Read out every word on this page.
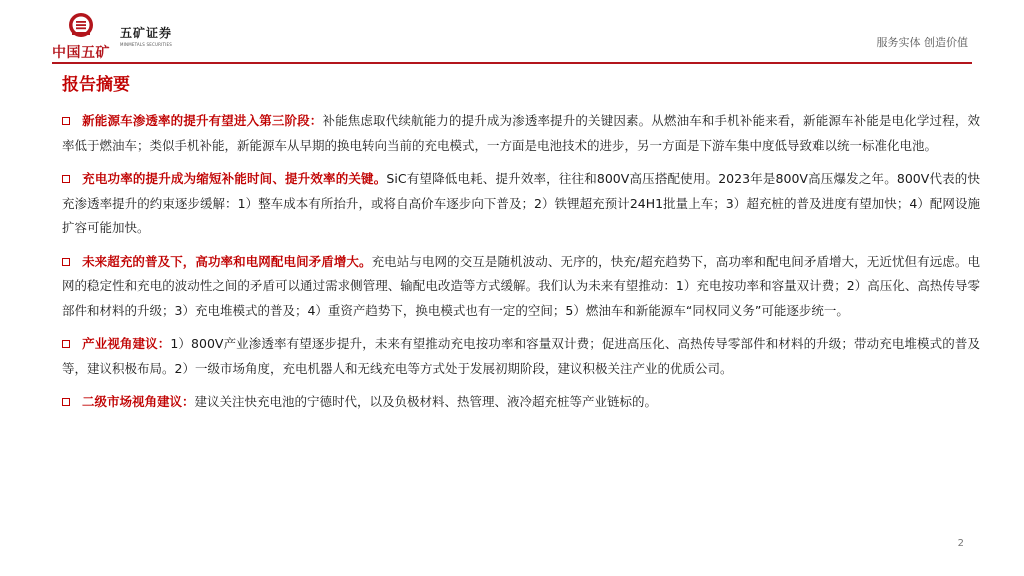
中国五矿
五矿证券
MINMETALS SECURITIES	服务实体 创造价值
报告摘要

新能源车渗透率的提升有望进入第三阶段：补能焦虑取代续航能力的提升成为渗透率提升的关键因素。从燃油车和手机补能来看，新能源车补能是电化学过程，效率低于燃油车；类似手机补能，新能源车从早期的换电转向当前的充电模式，一方面是电池技术的进步，另一方面是下游车集中度低导致难以统一标准化电池。

充电功率的提升成为缩短补能时间、提升效率的关键。SiC有望降低电耗、提升效率，往往和800V高压搭配使用。2023年是800V高压爆发之年。800V代表的快充渗透率提升的约束逐步缓解：1）整车成本有所抬升，或将自高价车逐步向下普及；2）铁锂超充预计24H1批量上车；3）超充桩的普及进度有望加快；4）配网设施扩容可能加快。

未来超充的普及下，高功率和电网配电间矛盾增大。充电站与电网的交互是随机波动、无序的，快充/超充趋势下，高功率和配电间矛盾增大，无近忧但有远虑。电网的稳定性和充电的波动性之间的矛盾可以通过需求侧管理、输配电改造等方式缓解。我们认为未来有望推动：1）充电按功率和容量双计费；2）高压化、高热传导零部件和材料的升级；3）充电堆模式的普及；4）重资产趋势下，换电模式也有一定的空间；5）燃油车和新能源车“同权同义务”可能逐步统一。

产业视角建议：1）800V产业渗透率有望逐步提升，未来有望推动充电按功率和容量双计费；促进高压化、高热传导零部件和材料的升级；带动充电堆模式的普及等，建议积极布局。2）一级市场角度，充电机器人和无线充电等方式处于发展初期阶段，建议积极关注产业的优质公司。

二级市场视角建议：建议关注快充电池的宁德时代，以及负极材料、热管理、液冷超充桩等产业链标的。

2
